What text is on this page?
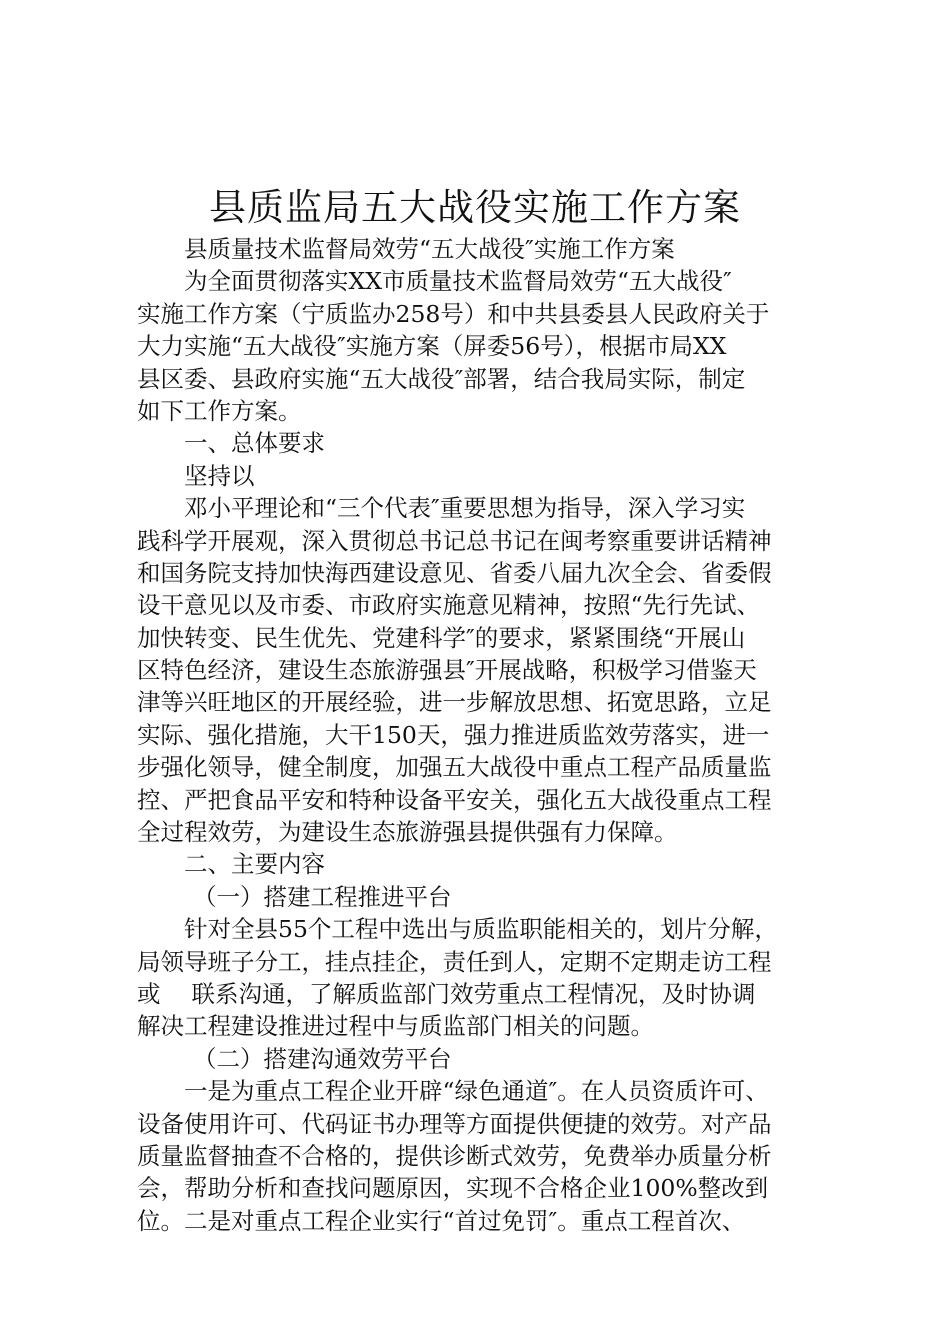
县质监局五大战役实施工作方案
县质量技术监督局效劳“五大战役″实施工作方案
为全面贯彻落实XX市质量技术监督局效劳“五大战役″
实施工作方案（宁质监办258号）和中共县委县人民政府关于
大力实施“五大战役″实施方案（屏委56号），根据市局XX
县区委、县政府实施“五大战役″部署，结合我局实际，制定
如下工作方案。
一、总体要求
坚持以
邓小平理论和“三个代表″重要思想为指导，深入学习实
践科学开展观，深入贯彻总书记总书记在闽考察重要讲话精神
和国务院支持加快海西建设意见、省委八届九次全会、省委假
设干意见以及市委、市政府实施意见精神，按照“先行先试、
加快转变、民生优先、党建科学″的要求，紧紧围绕“开展山
区特色经济，建设生态旅游强县″开展战略，积极学习借鉴天
津等兴旺地区的开展经验，进一步解放思想、拓宽思路，立足
实际、强化措施，大干150天，强力推进质监效劳落实，进一
步强化领导，健全制度，加强五大战役中重点工程产品质量监
控、严把食品平安和特种设备平安关，强化五大战役重点工程
全过程效劳，为建设生态旅游强县提供强有力保障。
二、主要内容
（一）搭建工程推进平台
针对全县55个工程中选出与质监职能相关的，划片分解，
局领导班子分工，挂点挂企，责任到人，定期不定期走访工程
或　 联系沟通，了解质监部门效劳重点工程情况，及时协调
解决工程建设推进过程中与质监部门相关的问题。
（二）搭建沟通效劳平台
一是为重点工程企业开辟“绿色通道″。在人员资质许可、
设备使用许可、代码证书办理等方面提供便捷的效劳。对产品
质量监督抽查不合格的，提供诊断式效劳，免费举办质量分析
会，帮助分析和查找问题原因，实现不合格企业100%整改到
位。二是对重点工程企业实行“首过免罚″。重点工程首次、
